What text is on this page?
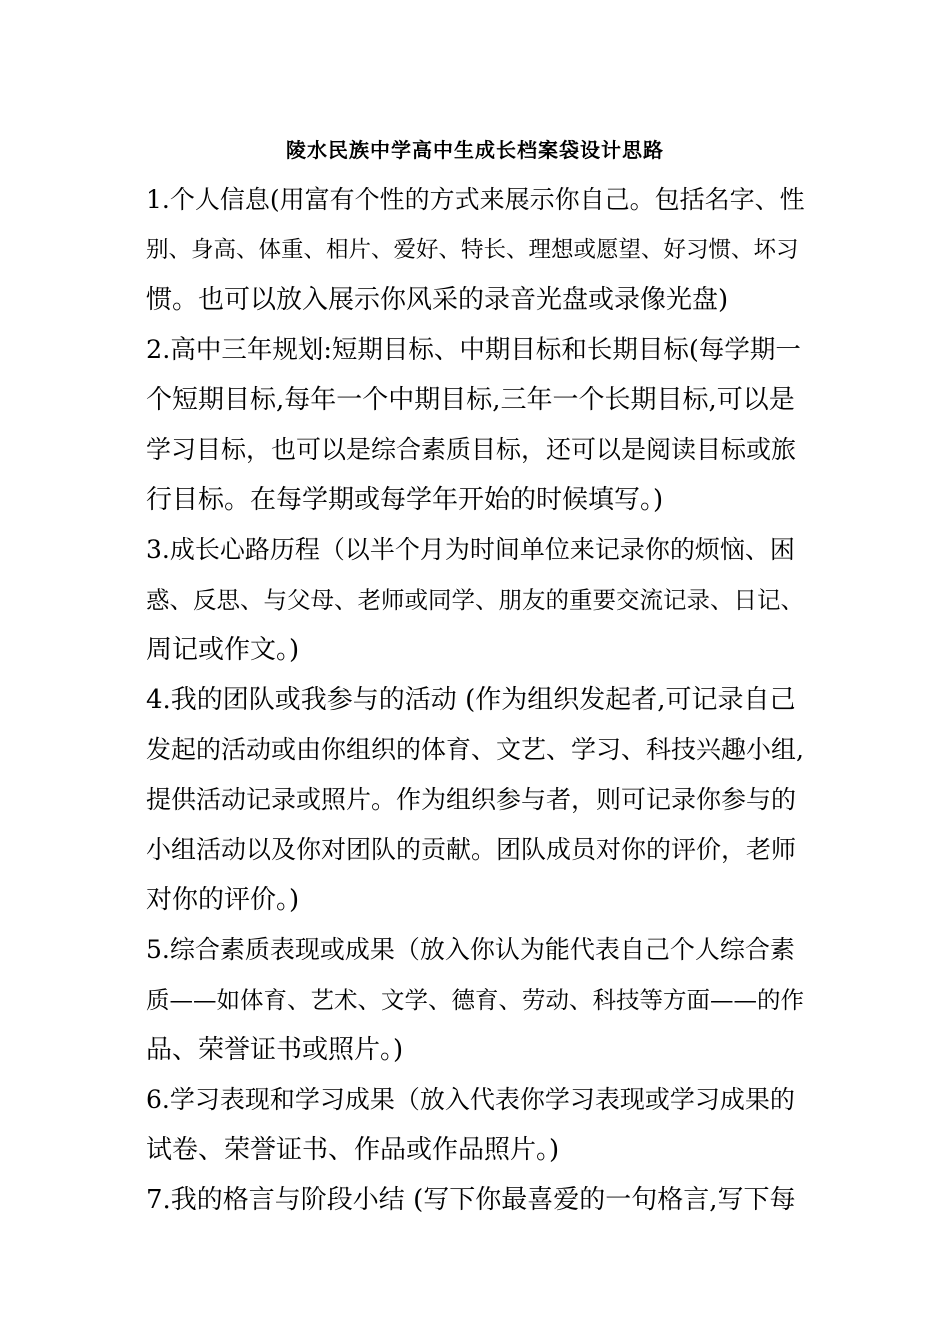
陵水民族中学高中生成长档案袋设计思路
1.个人信息(用富有个性的方式来展示你自己。包括名字、性
别、身高、体重、相片、爱好、特长、理想或愿望、好习惯、坏习
惯。也可以放入展示你风采的录音光盘或录像光盘)
2.高中三年规划:短期目标、中期目标和长期目标(每学期一
个短期目标,每年一个中期目标,三年一个长期目标,可以是
学习目标，也可以是综合素质目标，还可以是阅读目标或旅
行目标。在每学期或每学年开始的时候填写。)
3.成长心路历程（以半个月为时间单位来记录你的烦恼、困
惑、反思、与父母、老师或同学、朋友的重要交流记录、日记、
周记或作文。)
4.我的团队或我参与的活动 (作为组织发起者,可记录自己
发起的活动或由你组织的体育、文艺、学习、科技兴趣小组,
提供活动记录或照片。作为组织参与者，则可记录你参与的
小组活动以及你对团队的贡献。团队成员对你的评价，老师
对你的评价。)
5.综合素质表现或成果（放入你认为能代表自己个人综合素
质——如体育、艺术、文学、德育、劳动、科技等方面——的作
品、荣誉证书或照片。)
6.学习表现和学习成果（放入代表你学习表现或学习成果的
试卷、荣誉证书、作品或作品照片。)
7.我的格言与阶段小结 (写下你最喜爱的一句格言,写下每
